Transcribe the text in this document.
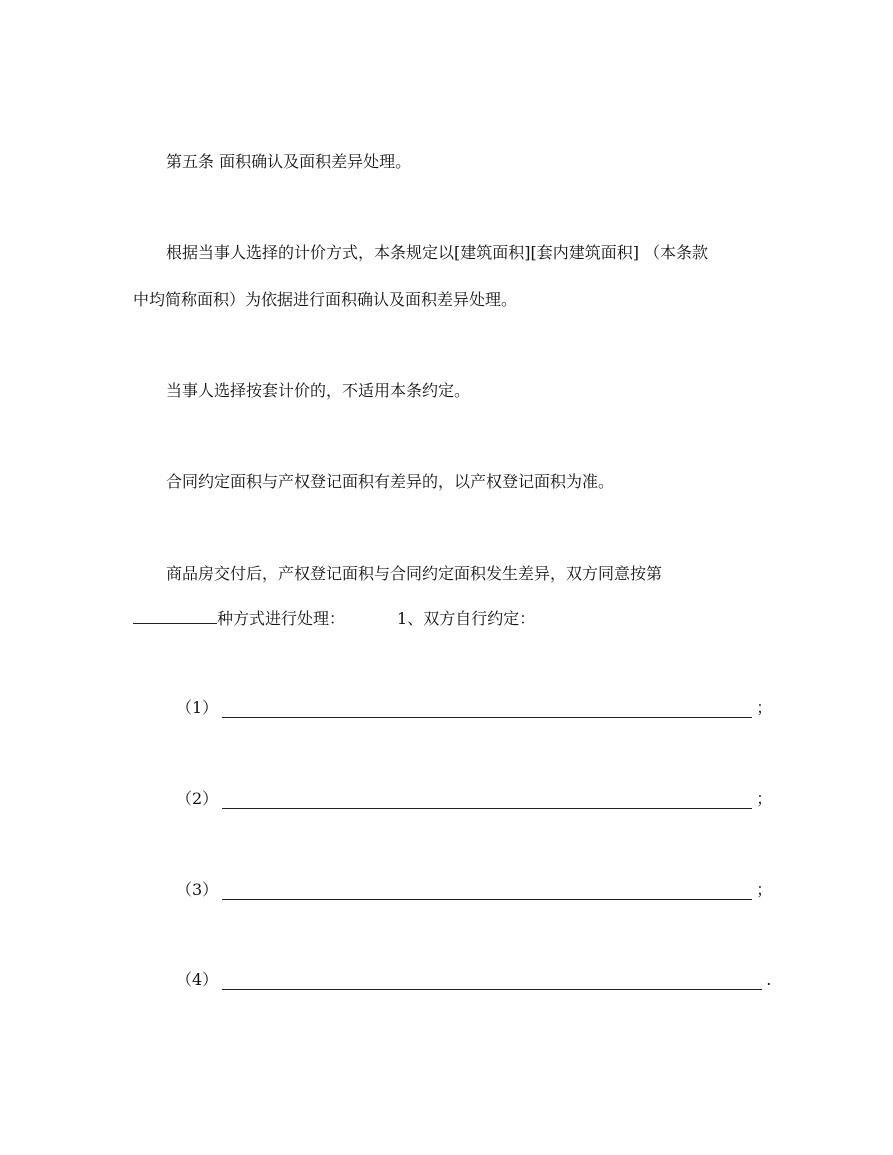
第五条 面积确认及面积差异处理。
根据当事人选择的计价方式，本条规定以[建筑面积][套内建筑面积] （本条款
中均简称面积）为依据进行面积确认及面积差异处理。
当事人选择按套计价的，不适用本条约定。
合同约定面积与产权登记面积有差异的，以产权登记面积为准。
商品房交付后，产权登记面积与合同约定面积发生差异，双方同意按第
种方式进行处理：	1、双方自行约定：
（1）	；
（2）	；
（3）	；
（4）	.
